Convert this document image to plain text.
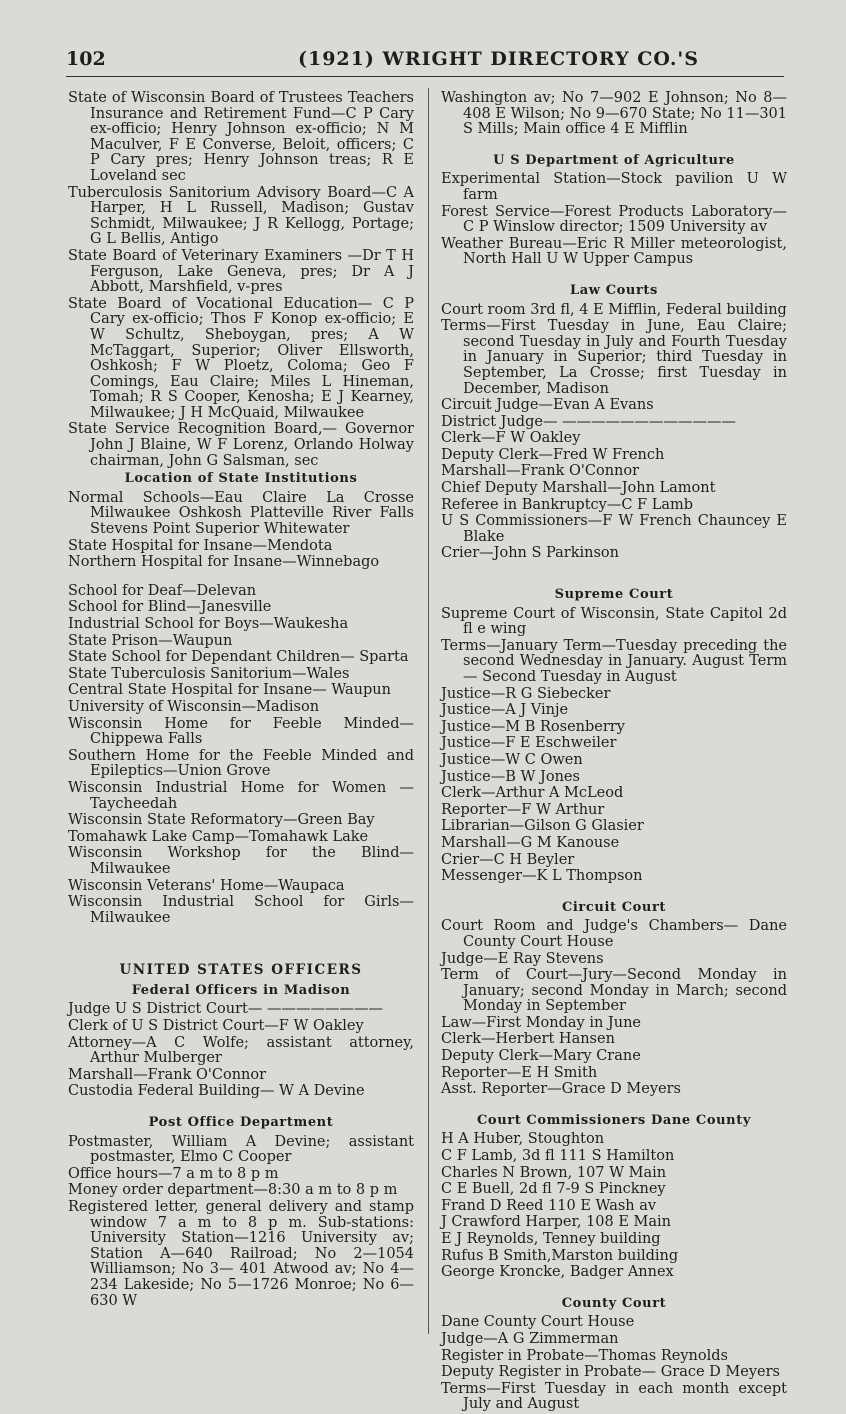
102	(1921) WRIGHT DIRECTORY CO.'S

State of Wisconsin Board of Trustees Teachers Insurance and Retirement Fund—C P Cary ex-officio; Henry Johnson ex-officio; N M Maculver, F E Converse, Beloit, officers; C P Cary pres; Henry Johnson treas; R E Loveland sec

Tuberculosis Sanitorium Advisory Board—C A Harper, H L Russell, Madison; Gustav Schmidt, Milwaukee; J R Kellogg, Portage; G L Bellis, Antigo

State Board of Veterinary Examiners —Dr T H Ferguson, Lake Geneva, pres; Dr A J Abbott, Marshfield, v-pres

State Board of Vocational Education— C P Cary ex-officio; Thos F Konop ex-officio; E W Schultz, Sheboygan, pres; A W McTaggart, Superior; Oliver Ellsworth, Oshkosh; F W Ploetz, Coloma; Geo F Comings, Eau Claire; Miles L Hineman, Tomah; R S Cooper, Kenosha; E J Kearney, Milwaukee; J H McQuaid, Milwaukee

State Service Recognition Board,— Governor John J Blaine, W F Lorenz, Orlando Holway chairman, John G Salsman, sec

Location of State Institutions

Normal Schools—Eau Claire La Crosse Milwaukee Oshkosh Platteville River Falls Stevens Point Superior Whitewater

State Hospital for Insane—Mendota

Northern Hospital for Insane—Winnebago

School for Deaf—Delevan

School for Blind—Janesville

Industrial School for Boys—Waukesha

State Prison—Waupun

State School for Dependant Children— Sparta

State Tuberculosis Sanitorium—Wales

Central State Hospital for Insane— Waupun

University of Wisconsin—Madison

Wisconsin Home for Feeble Minded— Chippewa Falls

Southern Home for the Feeble Minded and Epileptics—Union Grove

Wisconsin Industrial Home for Women —Taycheedah

Wisconsin State Reformatory—Green Bay

Tomahawk Lake Camp—Tomahawk Lake

Wisconsin Workshop for the Blind— Milwaukee

Wisconsin Veterans' Home—Waupaca

Wisconsin Industrial School for Girls— Milwaukee

UNITED STATES OFFICERS
Federal Officers in Madison

Judge U S District Court— ————————

Clerk of U S District Court—F W Oakley

Attorney—A C Wolfe; assistant attorney, Arthur Mulberger

Marshall—Frank O'Connor

Custodia Federal Building— W A Devine

Post Office Department

Postmaster, William A Devine; assistant postmaster, Elmo C Cooper

Office hours—7 a m to 8 p m

Money order department—8:30 a m to 8 p m

Registered letter, general delivery and stamp window 7 a m to 8 p m. Sub-stations: University Station—1216 University av; Station A—640 Railroad; No 2—1054 Williamson; No 3— 401 Atwood av; No 4—234 Lakeside; No 5—1726 Monroe; No 6—630 W

Washington av; No 7—902 E Johnson; No 8—408 E Wilson; No 9—670 State; No 11—301 S Mills; Main office 4 E Mifflin

U S Department of Agriculture

Experimental Station—Stock pavilion U W farm

Forest Service—Forest Products Laboratory—C P Winslow director; 1509 University av

Weather Bureau—Eric R Miller meteorologist, North Hall U W Upper Campus

Law Courts

Court room 3rd fl, 4 E Mifflin, Federal building

Terms—First Tuesday in June, Eau Claire; second Tuesday in July and Fourth Tuesday in January in Superior; third Tuesday in September, La Crosse; first Tuesday in December, Madison

Circuit Judge—Evan A Evans

District Judge— ————————————

Clerk—F W Oakley

Deputy Clerk—Fred W French

Marshall—Frank O'Connor

Chief Deputy Marshall—John Lamont

Referee in Bankruptcy—C F Lamb

U S Commissioners—F W French Chauncey E Blake

Crier—John S Parkinson

Supreme Court

Supreme Court of Wisconsin, State Capitol 2d fl e wing

Terms—January Term—Tuesday preceding the second Wednesday in January. August Term — Second Tuesday in August

Justice—R G Siebecker

Justice—A J Vinje

Justice—M B Rosenberry

Justice—F E Eschweiler

Justice—W C Owen

Justice—B W Jones

Clerk—Arthur A McLeod

Reporter—F W Arthur

Librarian—Gilson G Glasier

Marshall—G M Kanouse

Crier—C H Beyler

Messenger—K L Thompson

Circuit Court

Court Room and Judge's Chambers— Dane County Court House

Judge—E Ray Stevens

Term of Court—Jury—Second Monday in January; second Monday in March; second Monday in September

Law—First Monday in June

Clerk—Herbert Hansen

Deputy Clerk—Mary Crane

Reporter—E H Smith

Asst. Reporter—Grace D Meyers

Court Commissioners Dane County

H A Huber, Stoughton

C F Lamb, 3d fl 111 S Hamilton

Charles N Brown, 107 W Main

C E Buell, 2d fl 7-9 S Pinckney

Frand D Reed 110 E Wash av

J Crawford Harper, 108 E Main

E J Reynolds, Tenney building

Rufus B Smith,Marston building

George Kroncke, Badger Annex

County Court

Dane County Court House

Judge—A G Zimmerman

Register in Probate—Thomas Reynolds

Deputy Register in Probate— Grace D Meyers

Terms—First Tuesday in each month except July and August
